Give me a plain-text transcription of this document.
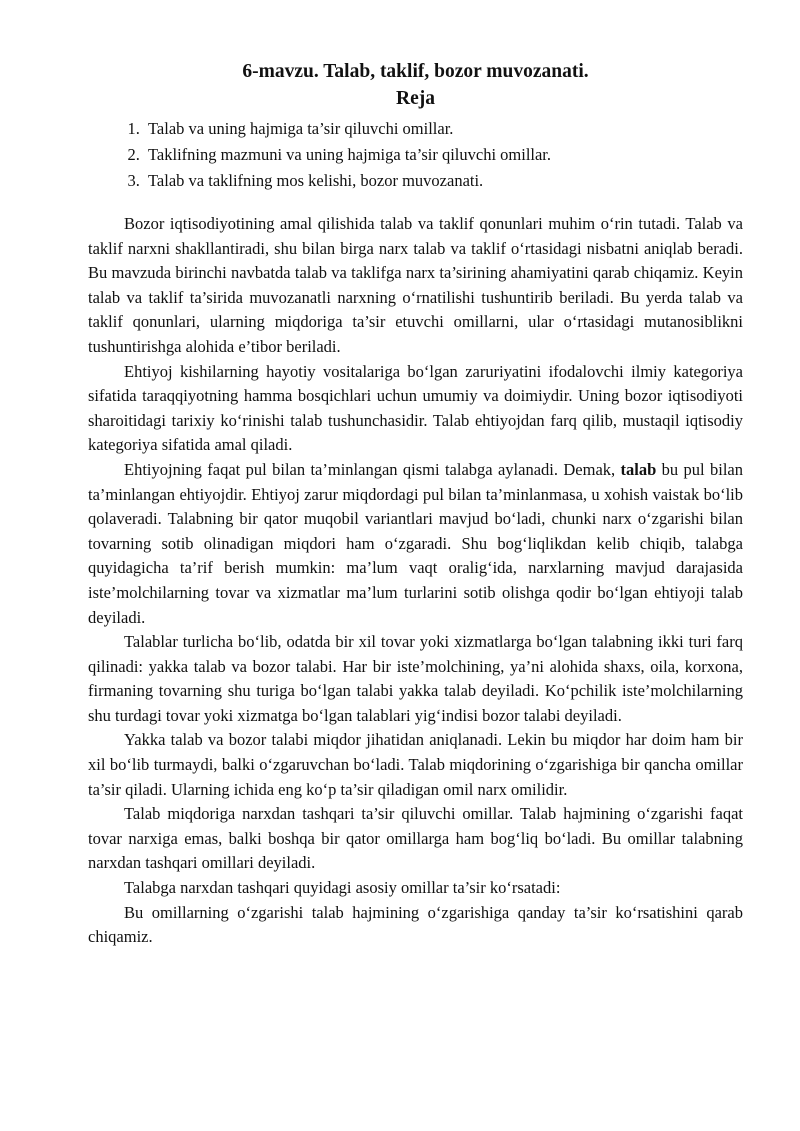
6-mavzu. Talab, taklif, bozor muvozanati.
Reja
1. Talab va uning hajmiga ta’sir qiluvchi omillar.
2. Taklifning mazmuni va uning hajmiga ta’sir qiluvchi omillar.
3. Talab va taklifning mos kelishi, bozor muvozanati.

Bozor iqtisodiyotining amal qilishida talab va taklif qonunlari muhim o‘rin tutadi. Talab va taklif narxni shakllantiradi, shu bilan birga narx talab va taklif o‘rtasidagi nisbatni aniqlab beradi. Bu mavzuda birinchi navbatda talab va taklifga narx ta’sirining ahamiyatini qarab chiqamiz. Keyin talab va taklif ta’sirida muvozanatli narxning o‘rnatilishi tushuntirib beriladi. Bu yerda talab va taklif qonunlari, ularning miqdoriga ta’sir etuvchi omillarni, ular o‘rtasidagi mutanosiblikni tushuntirishga alohida e’tibor beriladi.

Ehtiyoj kishilarning hayotiy vositalariga bo‘lgan zaruriyatini ifodalovchi ilmiy kategoriya sifatida taraqqiyotning hamma bosqichlari uchun umumiy va doimiydir. Uning bozor iqtisodiyoti sharoitidagi tarixiy ko‘rinishi talab tushunchasidir. Talab ehtiyojdan farq qilib, mustaqil iqtisodiy kategoriya sifatida amal qiladi.

Ehtiyojning faqat pul bilan ta’minlangan qismi talabga aylanadi. Demak, talab bu pul bilan ta’minlangan ehtiyojdir. Ehtiyoj zarur miqdordagi pul bilan ta’minlanmasa, u xohish vaistak bo‘lib qolaveradi. Talabning bir qator muqobil variantlari mavjud bo‘ladi, chunki narx o‘zgarishi bilan tovarning sotib olinadigan miqdori ham o‘zgaradi. Shu bog‘liqlikdan kelib chiqib, talabga quyidagicha ta’rif berish mumkin: ma’lum vaqt oralig‘ida, narxlarning mavjud darajasida iste’molchilarning tovar va xizmatlar ma’lum turlarini sotib olishga qodir bo‘lgan ehtiyoji talab deyiladi.

Talablar turlicha bo‘lib, odatda bir xil tovar yoki xizmatlarga bo‘lgan talabning ikki turi farq qilinadi: yakka talab va bozor talabi. Har bir iste’molchining, ya’ni alohida shaxs, oila, korxona, firmaning tovarning shu turiga bo‘lgan talabi yakka talab deyiladi. Ko‘pchilik iste’molchilarning shu turdagi tovar yoki xizmatga bo‘lgan talablari yig‘indisi bozor talabi deyiladi.

Yakka talab va bozor talabi miqdor jihatidan aniqlanadi. Lekin bu miqdor har doim ham bir xil bo‘lib turmaydi, balki o‘zgaruvchan bo‘ladi. Talab miqdorining o‘zgarishiga bir qancha omillar ta’sir qiladi. Ularning ichida eng ko‘p ta’sir qiladigan omil narx omilidir.

Talab miqdoriga narxdan tashqari ta’sir qiluvchi omillar. Talab hajmining o‘zgarishi faqat tovar narxiga emas, balki boshqa bir qator omillarga ham bog‘liq bo‘ladi. Bu omillar talabning narxdan tashqari omillari deyiladi.

Talabga narxdan tashqari quyidagi asosiy omillar ta’sir ko‘rsatadi:

Bu omillarning o‘zgarishi talab hajmining o‘zgarishiga qanday ta’sir ko‘rsatishini qarab chiqamiz.
